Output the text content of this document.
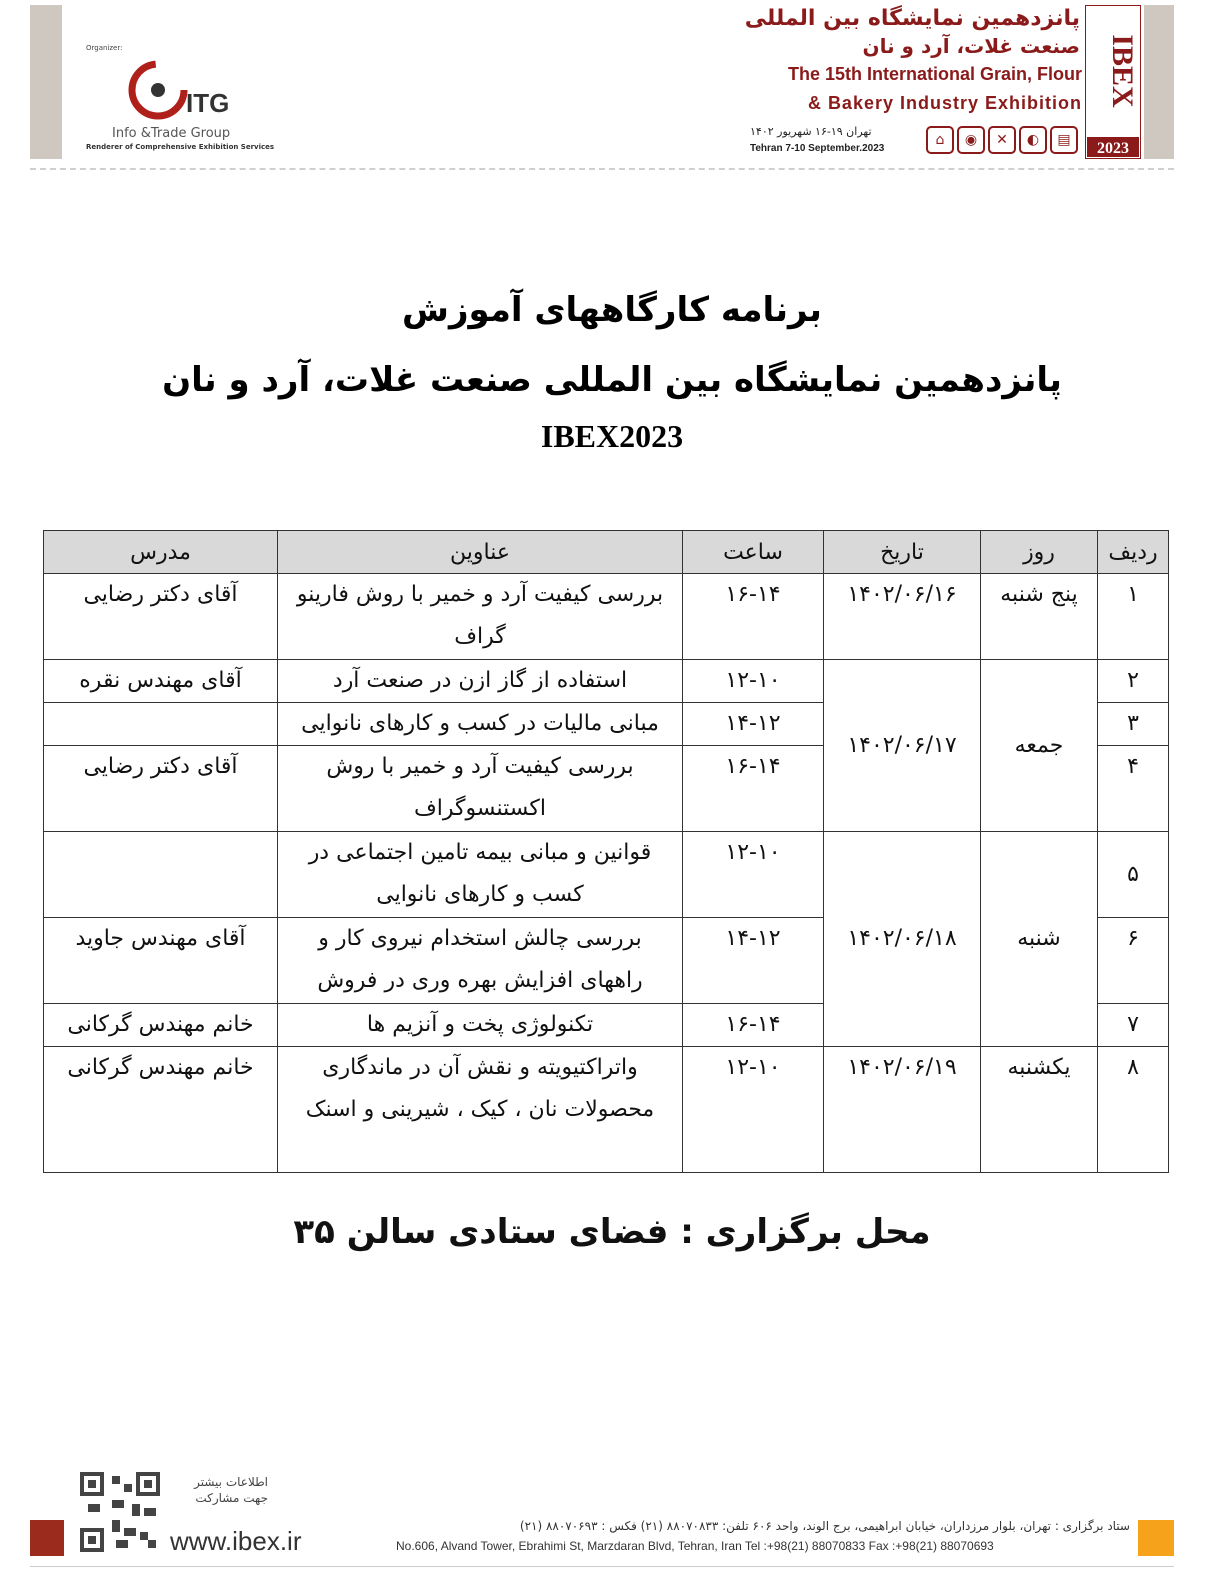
Organizer:
ITG
Info &Trade Group
Renderer of Comprehensive Exhibition Services
پانزدهمین نمایشگاه بین المللی
صنعت غلات، آرد و نان
The 15th International Grain, Flour
& Bakery Industry Exhibition
تهران ۱۹-۱۶ شهریور ۱۴۰۲
Tehran 7-10 September.2023
⌂	◉	✕	◐	▤
IBEX
2023
برنامه کارگاههای آموزش
پانزدهمین نمایشگاه بین المللی صنعت غلات، آرد و نان
IBEX2023
ردیف	روز	تاریخ	ساعت	عناوین	مدرس
۱	پنج شنبه	۱۴۰۲/۰۶/۱۶	۱۶-۱۴	بررسی کیفیت آرد و خمیر با روش فارینو گراف	آقای دکتر رضایی
۲	جمعه	۱۴۰۲/۰۶/۱۷	۱۲-۱۰	استفاده از گاز ازن در صنعت آرد	آقای مهندس نقره
۳			۱۴-۱۲	مبانی مالیات در کسب و کارهای نانوایی	
۴			۱۶-۱۴	بررسی کیفیت آرد و خمیر با روش اکستنسوگراف	آقای دکتر رضایی
۵	شنبه	۱۴۰۲/۰۶/۱۸	۱۲-۱۰	قوانین و مبانی بیمه تامین اجتماعی در کسب و کارهای نانوایی	
۶			۱۴-۱۲	بررسی چالش استخدام نیروی کار و راههای افزایش بهره وری در فروش	آقای مهندس جاوید
۷			۱۶-۱۴	تکنولوژی پخت و آنزیم ها	خانم مهندس گرکانی
۸	یکشنبه	۱۴۰۲/۰۶/۱۹	۱۲-۱۰	واتراکتیویته و نقش آن در ماندگاری محصولات نان ، کیک ، شیرینی و اسنک	خانم مهندس گرکانی
محل برگزاری : فضای ستادی سالن ۳۵
اطلاعات بیشتر
جهت مشارکت
www.ibex.ir	ستاد برگزاری : تهران، بلوار مرزداران، خیابان ابراهیمی، برج الوند، واحد ۶۰۶ تلفن: ۸۸۰۷۰۸۳۳ (۲۱) فکس : ۸۸۰۷۰۶۹۳ (۲۱)
No.606, Alvand Tower, Ebrahimi St, Marzdaran Blvd, Tehran, Iran Tel :+98(21) 88070833 Fax :+98(21) 88070693
